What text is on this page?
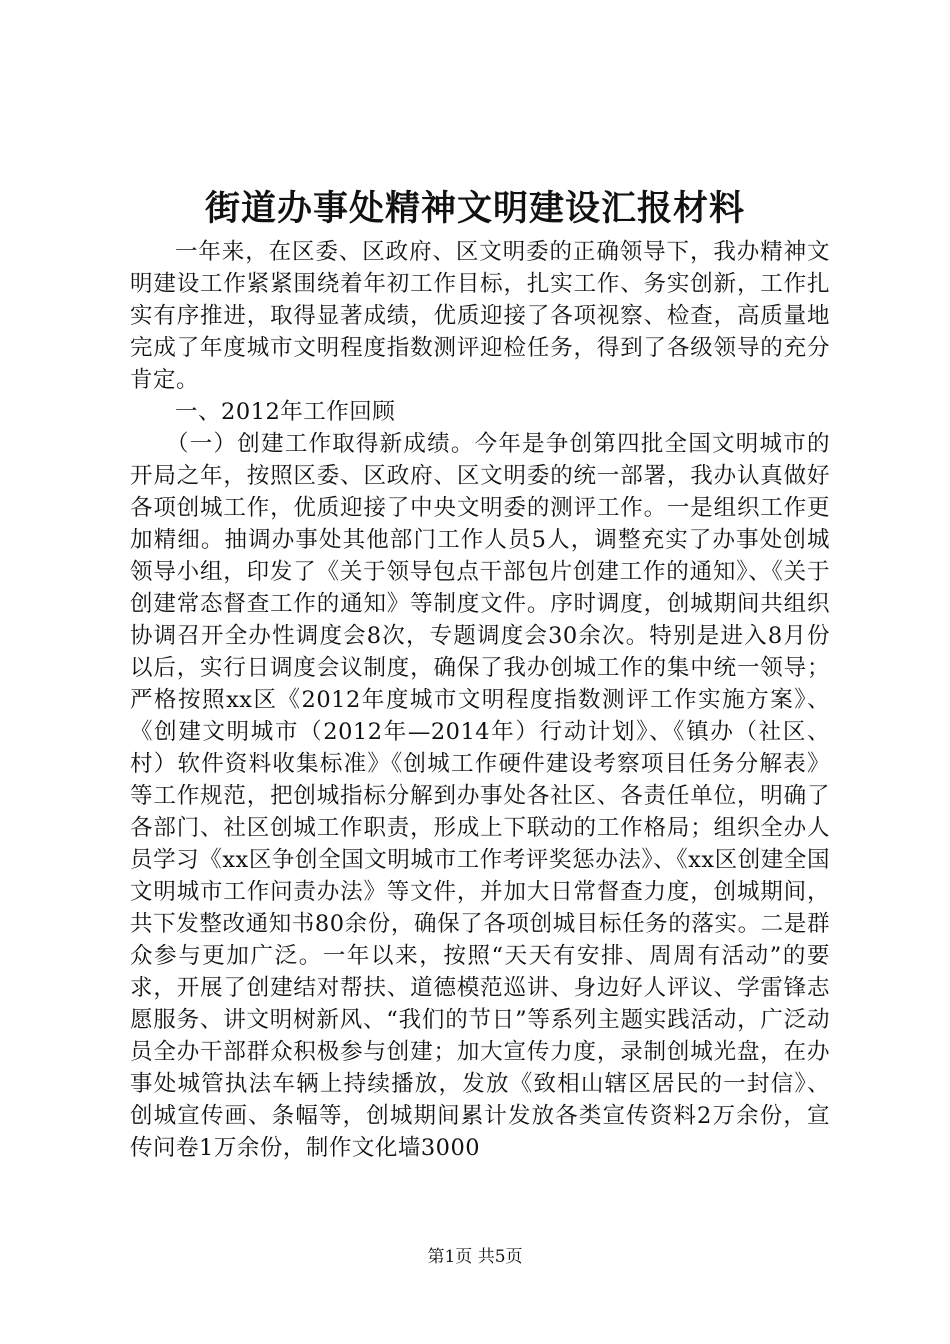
街道办事处精神文明建设汇报材料

一年来，在区委、区政府、区文明委的正确领导下，我办精神文明建设工作紧紧围绕着年初工作目标，扎实工作、务实创新，工作扎实有序推进，取得显著成绩，优质迎接了各项视察、检查，高质量地完成了年度城市文明程度指数测评迎检任务，得到了各级领导的充分肯定。

一、2012年工作回顾

（一）创建工作取得新成绩。今年是争创第四批全国文明城市的开局之年，按照区委、区政府、区文明委的统一部署，我办认真做好各项创城工作，优质迎接了中央文明委的测评工作。一是组织工作更加精细。抽调办事处其他部门工作人员5人，调整充实了办事处创城领导小组，印发了《关于领导包点干部包片创建工作的通知》、《关于创建常态督查工作的通知》等制度文件。序时调度，创城期间共组织协调召开全办性调度会8次，专题调度会30余次。特别是进入8月份以后，实行日调度会议制度，确保了我办创城工作的集中统一领导；严格按照xx区《2012年度城市文明程度指数测评工作实施方案》、《创建文明城市（2012年—2014年）行动计划》、《镇办（社区、村）软件资料收集标准》《创城工作硬件建设考察项目任务分解表》等工作规范，把创城指标分解到办事处各社区、各责任单位，明确了各部门、社区创城工作职责，形成上下联动的工作格局；组织全办人员学习《xx区争创全国文明城市工作考评奖惩办法》、《xx区创建全国文明城市工作问责办法》等文件，并加大日常督查力度，创城期间，共下发整改通知书80余份，确保了各项创城目标任务的落实。二是群众参与更加广泛。一年以来，按照“天天有安排、周周有活动”的要求，开展了创建结对帮扶、道德模范巡讲、身边好人评议、学雷锋志愿服务、讲文明树新风、“我们的节日”等系列主题实践活动，广泛动员全办干部群众积极参与创建；加大宣传力度，录制创城光盘，在办事处城管执法车辆上持续播放，发放《致相山辖区居民的一封信》、创城宣传画、条幅等，创城期间累计发放各类宣传资料2万余份，宣传问卷1万余份，制作文化墙3000

第1页 共5页
